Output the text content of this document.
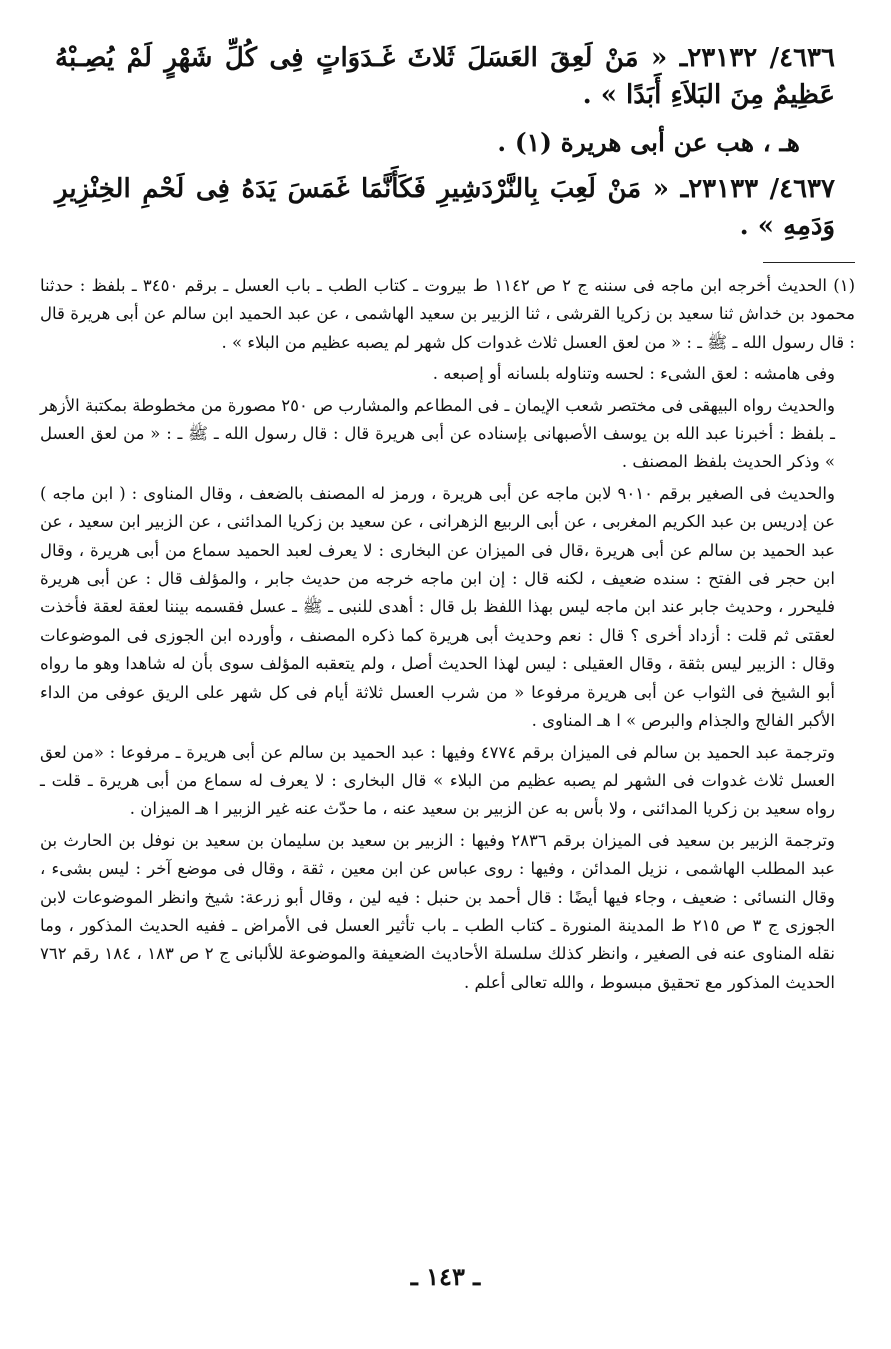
٤٦٣٦/ ٢٣١٣٢ـ « مَنْ لَعِقَ العَسَلَ ثَلاثَ غَـدَوَاتٍ فِى كُلِّ شَهْرٍ لَمْ يُصِـبْهُ عَظِيمٌ مِنَ البَلاَءِ أَبَدًا » .

هـ ، هب عن أبى هريرة (١) .

٤٦٣٧/ ٢٣١٣٣ـ « مَنْ لَعِبَ بِالنَّرْدَشِيرِ فَكَأَنَّمَا غَمَسَ يَدَهُ فِى لَحْمِ الخِنْزِيرِ وَدَمِهِ » .

(١) الحديث أخرجه ابن ماجه فى سننه ج ٢ ص ١١٤٢ ط بيروت ـ كتاب الطب ـ باب العسل ـ برقم ٣٤٥٠ ـ بلفظ : حدثنا محمود بن خداش ثنا سعيد بن زكريا القرشى ، ثنا الزبير بن سعيد الهاشمى ، عن عبد الحميد ابن سالم عن أبى هريرة قال : قال رسول الله ـ ﷺ ـ : « من لعق العسل ثلاث غدوات كل شهر لم يصبه عظيم من البلاء » .

وفى هامشه : لعق الشىء : لحسه وتناوله بلسانه أو إصبعه .

والحديث رواه البيهقى فى مختصر شعب الإيمان ـ فى المطاعم والمشارب ص ٢٥٠ مصورة من مخطوطة بمكتبة الأزهر ـ بلفظ : أخبرنا عبد الله بن يوسف الأصبهانى بإسناده عن أبى هريرة قال : قال رسول الله ـ ﷺ ـ : « من لعق العسل » وذكر الحديث بلفظ المصنف .

والحديث فى الصغير برقم ٩٠١٠ لابن ماجه عن أبى هريرة ، ورمز له المصنف بالضعف ، وقال المناوى : ( ابن ماجه ) عن إدريس بن عبد الكريم المغربى ، عن أبى الربيع الزهرانى ، عن سعيد بن زكريا المدائنى ، عن الزبير ابن سعيد ، عن عبد الحميد بن سالم عن أبى هريرة ،قال فى الميزان عن البخارى : لا يعرف لعبد الحميد سماع من أبى هريرة ، وقال ابن حجر فى الفتح : سنده ضعيف ، لكنه قال : إن ابن ماجه خرجه من حديث جابر ، والمؤلف قال : عن أبى هريرة فليحرر ، وحديث جابر عند ابن ماجه ليس بهذا اللفظ بل قال : أهدى للنبى ـ ﷺ ـ عسل فقسمه بيننا لعقة لعقة فأخذت لعقتى ثم قلت : أزداد أخرى ؟ قال : نعم وحديث أبى هريرة كما ذكره المصنف ، وأورده ابن الجوزى فى الموضوعات وقال : الزبير ليس بثقة ، وقال العقيلى : ليس لهذا الحديث أصل ، ولم يتعقبه المؤلف سوى بأن له شاهدا وهو ما رواه أبو الشيخ فى الثواب عن أبى هريرة مرفوعا « من شرب العسل ثلاثة أيام فى كل شهر على الريق عوفى من الداء الأكبر الفالج والجذام والبرص » ا هـ المناوى .

وترجمة عبد الحميد بن سالم فى الميزان برقم ٤٧٧٤ وفيها : عبد الحميد بن سالم عن أبى هريرة ـ مرفوعا : «من لعق العسل ثلاث غدوات فى الشهر لم يصبه عظيم من البلاء » قال البخارى : لا يعرف له سماع من أبى هريرة ـ قلت ـ رواه سعيد بن زكريا المدائنى ، ولا بأس به عن الزبير بن سعيد عنه ، ما حدّث عنه غير الزبير ا هـ الميزان .

وترجمة الزبير بن سعيد فى الميزان برقم ٢٨٣٦ وفيها : الزبير بن سعيد بن سليمان بن سعيد بن نوفل بن الحارث بن عبد المطلب الهاشمى ، نزيل المدائن ، وفيها : روى عباس عن ابن معين ، ثقة ، وقال فى موضع آخر : ليس بشىء ، وقال النسائى : ضعيف ، وجاء فيها أيضًا : قال أحمد بن حنبل : فيه لين ، وقال أبو زرعة: شيخ وانظر الموضوعات لابن الجوزى ج ٣ ص ٢١٥ ط المدينة المنورة ـ كتاب الطب ـ باب تأثير العسل فى الأمراض ـ ففيه الحديث المذكور ، وما نقله المناوى عنه فى الصغير ، وانظر كذلك سلسلة الأحاديث الضعيفة والموضوعة للألبانى ج ٢ ص ١٨٣ ، ١٨٤ رقم ٧٦٢ الحديث المذكور مع تحقيق مبسوط ، والله تعالى أعلم .

ـ ١٤٣ ـ
